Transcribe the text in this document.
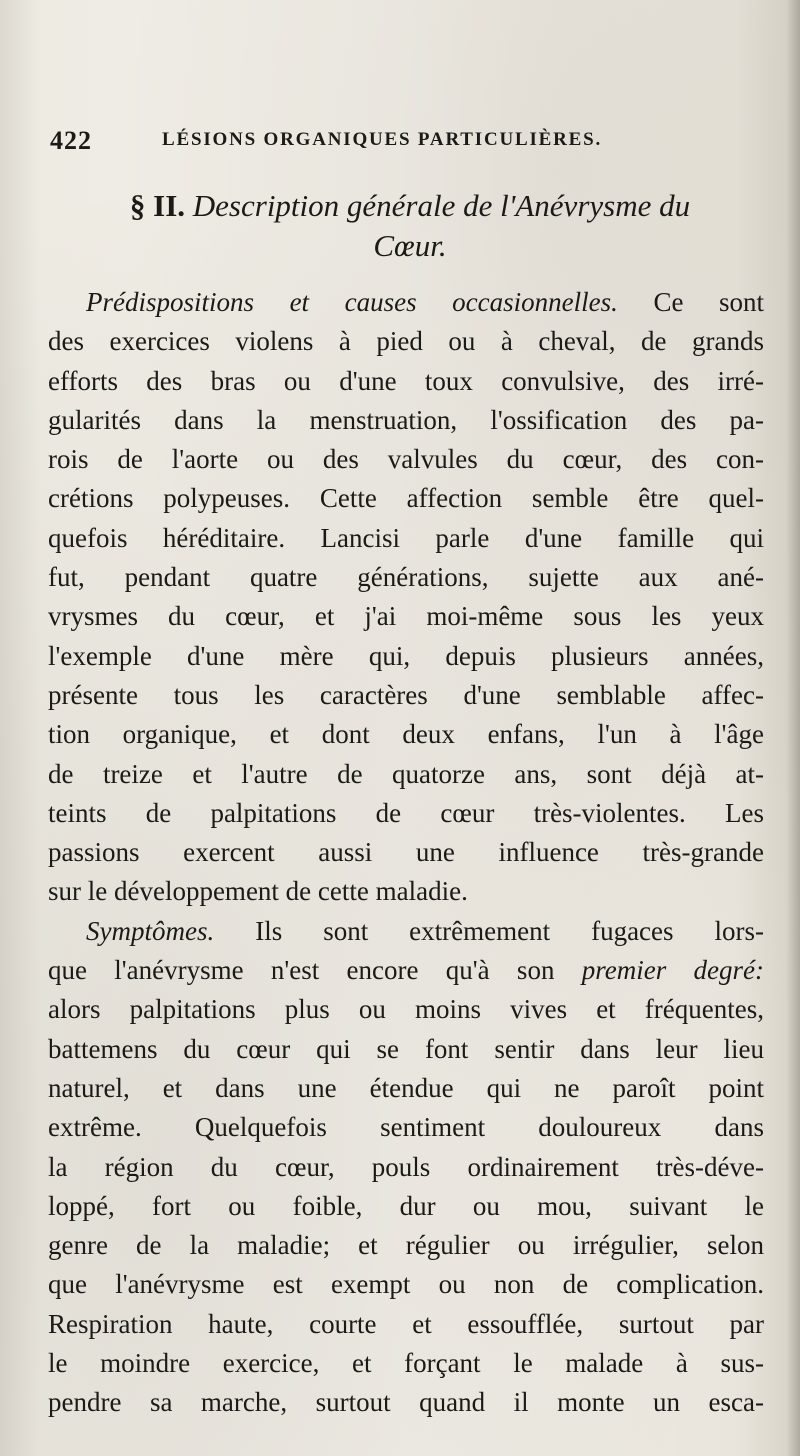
422	LÉSIONS ORGANIQUES PARTICULIÈRES.
§ II. Description générale de l'Anévrysme du
Cœur.
Prédispositions et causes occasionnelles. Ce sont
des exercices violens à pied ou à cheval, de grands
efforts des bras ou d'une toux convulsive, des irré-
gularités dans la menstruation, l'ossification des pa-
rois de l'aorte ou des valvules du cœur, des con-
crétions polypeuses. Cette affection semble être quel-
quefois héréditaire. Lancisi parle d'une famille qui
fut, pendant quatre générations, sujette aux ané-
vrysmes du cœur, et j'ai moi-même sous les yeux
l'exemple d'une mère qui, depuis plusieurs années,
présente tous les caractères d'une semblable affec-
tion organique, et dont deux enfans, l'un à l'âge
de treize et l'autre de quatorze ans, sont déjà at-
teints de palpitations de cœur très-violentes. Les
passions exercent aussi une influence très-grande
sur le développement de cette maladie.
Symptômes. Ils sont extrêmement fugaces lors-
que l'anévrysme n'est encore qu'à son premier degré:
alors palpitations plus ou moins vives et fréquentes,
battemens du cœur qui se font sentir dans leur lieu
naturel, et dans une étendue qui ne paroît point
extrême. Quelquefois sentiment douloureux dans
la région du cœur, pouls ordinairement très-déve-
loppé, fort ou foible, dur ou mou, suivant le
genre de la maladie; et régulier ou irrégulier, selon
que l'anévrysme est exempt ou non de complication.
Respiration haute, courte et essoufflée, surtout par
le moindre exercice, et forçant le malade à sus-
pendre sa marche, surtout quand il monte un esca-
